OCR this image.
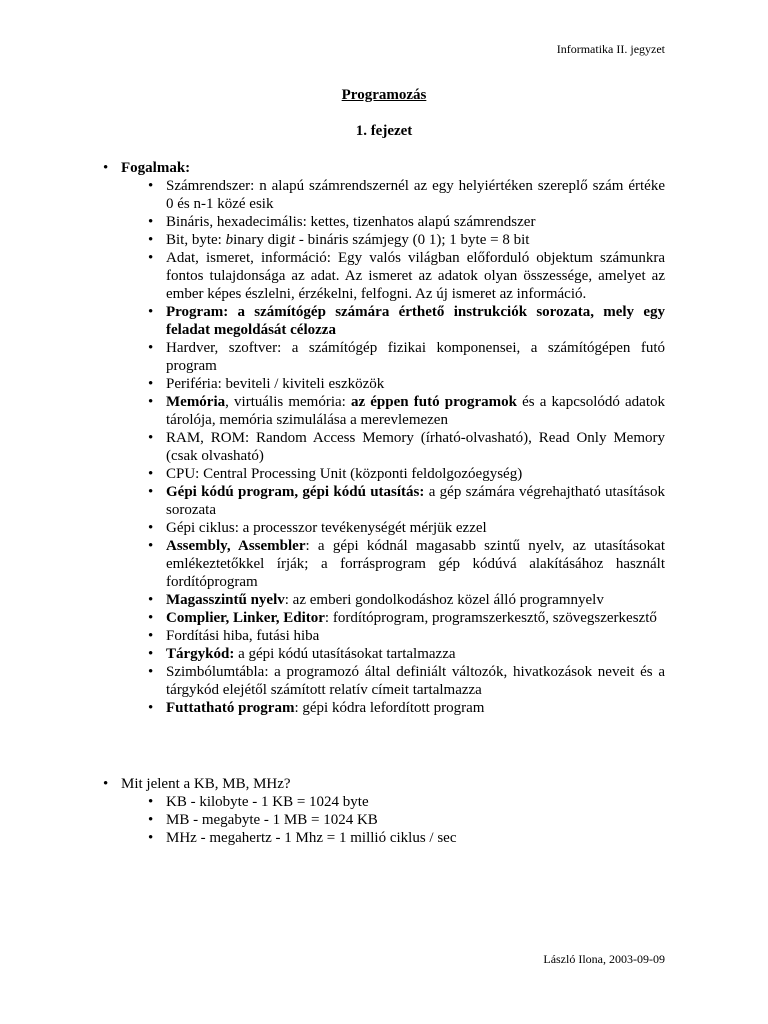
Informatika II. jegyzet
Programozás
1. fejezet
• Fogalmak:
• Számrendszer: n alapú számrendszernél az egy helyiértéken szereplő szám értéke 0 és n-1 közé esik
• Bináris, hexadecimális: kettes, tizenhatos alapú számrendszer
• Bit, byte: binary digit - bináris számjegy (0 1); 1 byte = 8 bit
• Adat, ismeret, információ: Egy valós világban előforduló objektum számunkra fontos tulajdonsága az adat. Az ismeret az adatok olyan összessége, amelyet az ember képes észlelni, érzékelni, felfogni. Az új ismeret az információ.
• Program: a számítógép számára érthető instrukciók sorozata, mely egy feladat megoldását célozza
• Hardver, szoftver: a számítógép fizikai komponensei, a számítógépen futó program
• Periféria: beviteli / kiviteli eszközök
• Memória, virtuális memória: az éppen futó programok és a kapcsolódó adatok tárolója, memória szimulálása a merevlemezen
• RAM, ROM: Random Access Memory (írható-olvasható), Read Only Memory (csak olvasható)
• CPU: Central Processing Unit (központi feldolgozóegység)
• Gépi kódú program, gépi kódú utasítás: a gép számára végrehajtható utasítások sorozata
• Gépi ciklus: a processzor tevékenységét mérjük ezzel
• Assembly, Assembler: a gépi kódnál magasabb szintű nyelv, az utasításokat emlékeztetőkkel írják; a forrásprogram gép kódúvá alakításához használt fordítóprogram
• Magasszintű nyelv: az emberi gondolkodáshoz közel álló programnyelv
• Complier, Linker, Editor: fordítóprogram, programszerkesztő, szövegszerkesztő
• Fordítási hiba, futási hiba
• Tárgykód: a gépi kódú utasításokat tartalmazza
• Szimbólumtábla: a programozó által definiált változók, hivatkozások neveit és a tárgykód elejétől számított relatív címeit tartalmazza
• Futtatható program: gépi kódra lefordított program
• Mit jelent a KB, MB, MHz?
• KB - kilobyte - 1 KB = 1024 byte
• MB - megabyte - 1 MB = 1024 KB
• MHz - megahertz - 1 Mhz = 1 millió ciklus / sec
László Ilona, 2003-09-09
